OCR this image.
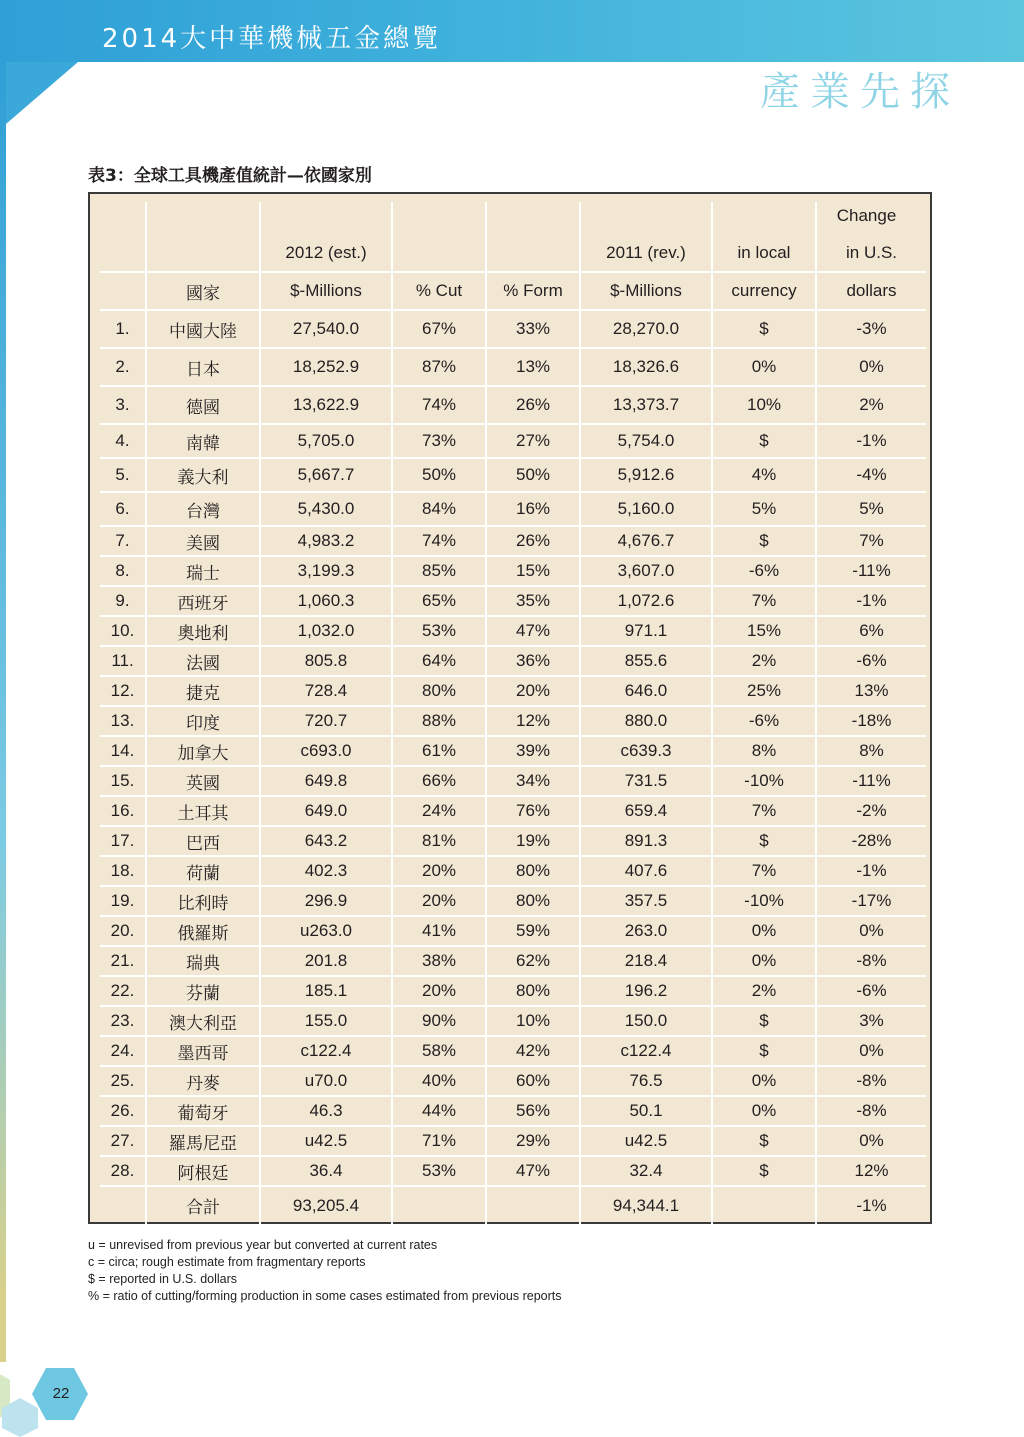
2014大中華機械五金總覽
產業先探
表3：全球工具機產值統計—依國家別
		2012 (est.)			2011 (rev.)	in local	Change
in U.S.

	國家	$-Millions	% Cut	% Form	$-Millions	currency	dollars
1.	中國大陸	27,540.0	67%	33%	28,270.0	$	-3%
2.	日本	18,252.9	87%	13%	18,326.6	0%	0%
3.	德國	13,622.9	74%	26%	13,373.7	10%	2%
4.	南韓	5,705.0	73%	27%	5,754.0	$	-1%
5.	義大利	5,667.7	50%	50%	5,912.6	4%	-4%
6.	台灣	5,430.0	84%	16%	5,160.0	5%	5%
7.	美國	4,983.2	74%	26%	4,676.7	$	7%
8.	瑞士	3,199.3	85%	15%	3,607.0	-6%	-11%
9.	西班牙	1,060.3	65%	35%	1,072.6	7%	-1%
10.	奧地利	1,032.0	53%	47%	971.1	15%	6%
11.	法國	805.8	64%	36%	855.6	2%	-6%
12.	捷克	728.4	80%	20%	646.0	25%	13%
13.	印度	720.7	88%	12%	880.0	-6%	-18%
14.	加拿大	c693.0	61%	39%	c639.3	8%	8%
15.	英國	649.8	66%	34%	731.5	-10%	-11%
16.	土耳其	649.0	24%	76%	659.4	7%	-2%
17.	巴西	643.2	81%	19%	891.3	$	-28%
18.	荷蘭	402.3	20%	80%	407.6	7%	-1%
19.	比利時	296.9	20%	80%	357.5	-10%	-17%
20.	俄羅斯	u263.0	41%	59%	263.0	0%	0%
21.	瑞典	201.8	38%	62%	218.4	0%	-8%
22.	芬蘭	185.1	20%	80%	196.2	2%	-6%
23.	澳大利亞	155.0	90%	10%	150.0	$	3%
24.	墨西哥	c122.4	58%	42%	c122.4	$	0%
25.	丹麥	u70.0	40%	60%	76.5	0%	-8%
26.	葡萄牙	46.3	44%	56%	50.1	0%	-8%
27.	羅馬尼亞	u42.5	71%	29%	u42.5	$	0%
28.	阿根廷	36.4	53%	47%	32.4	$	12%
	合計	93,205.4			94,344.1		-1%
u = unrevised from previous year but converted at current rates
c = circa; rough estimate from fragmentary reports
$ = reported in U.S. dollars
% = ratio of cutting/forming production in some cases estimated from previous reports
22
